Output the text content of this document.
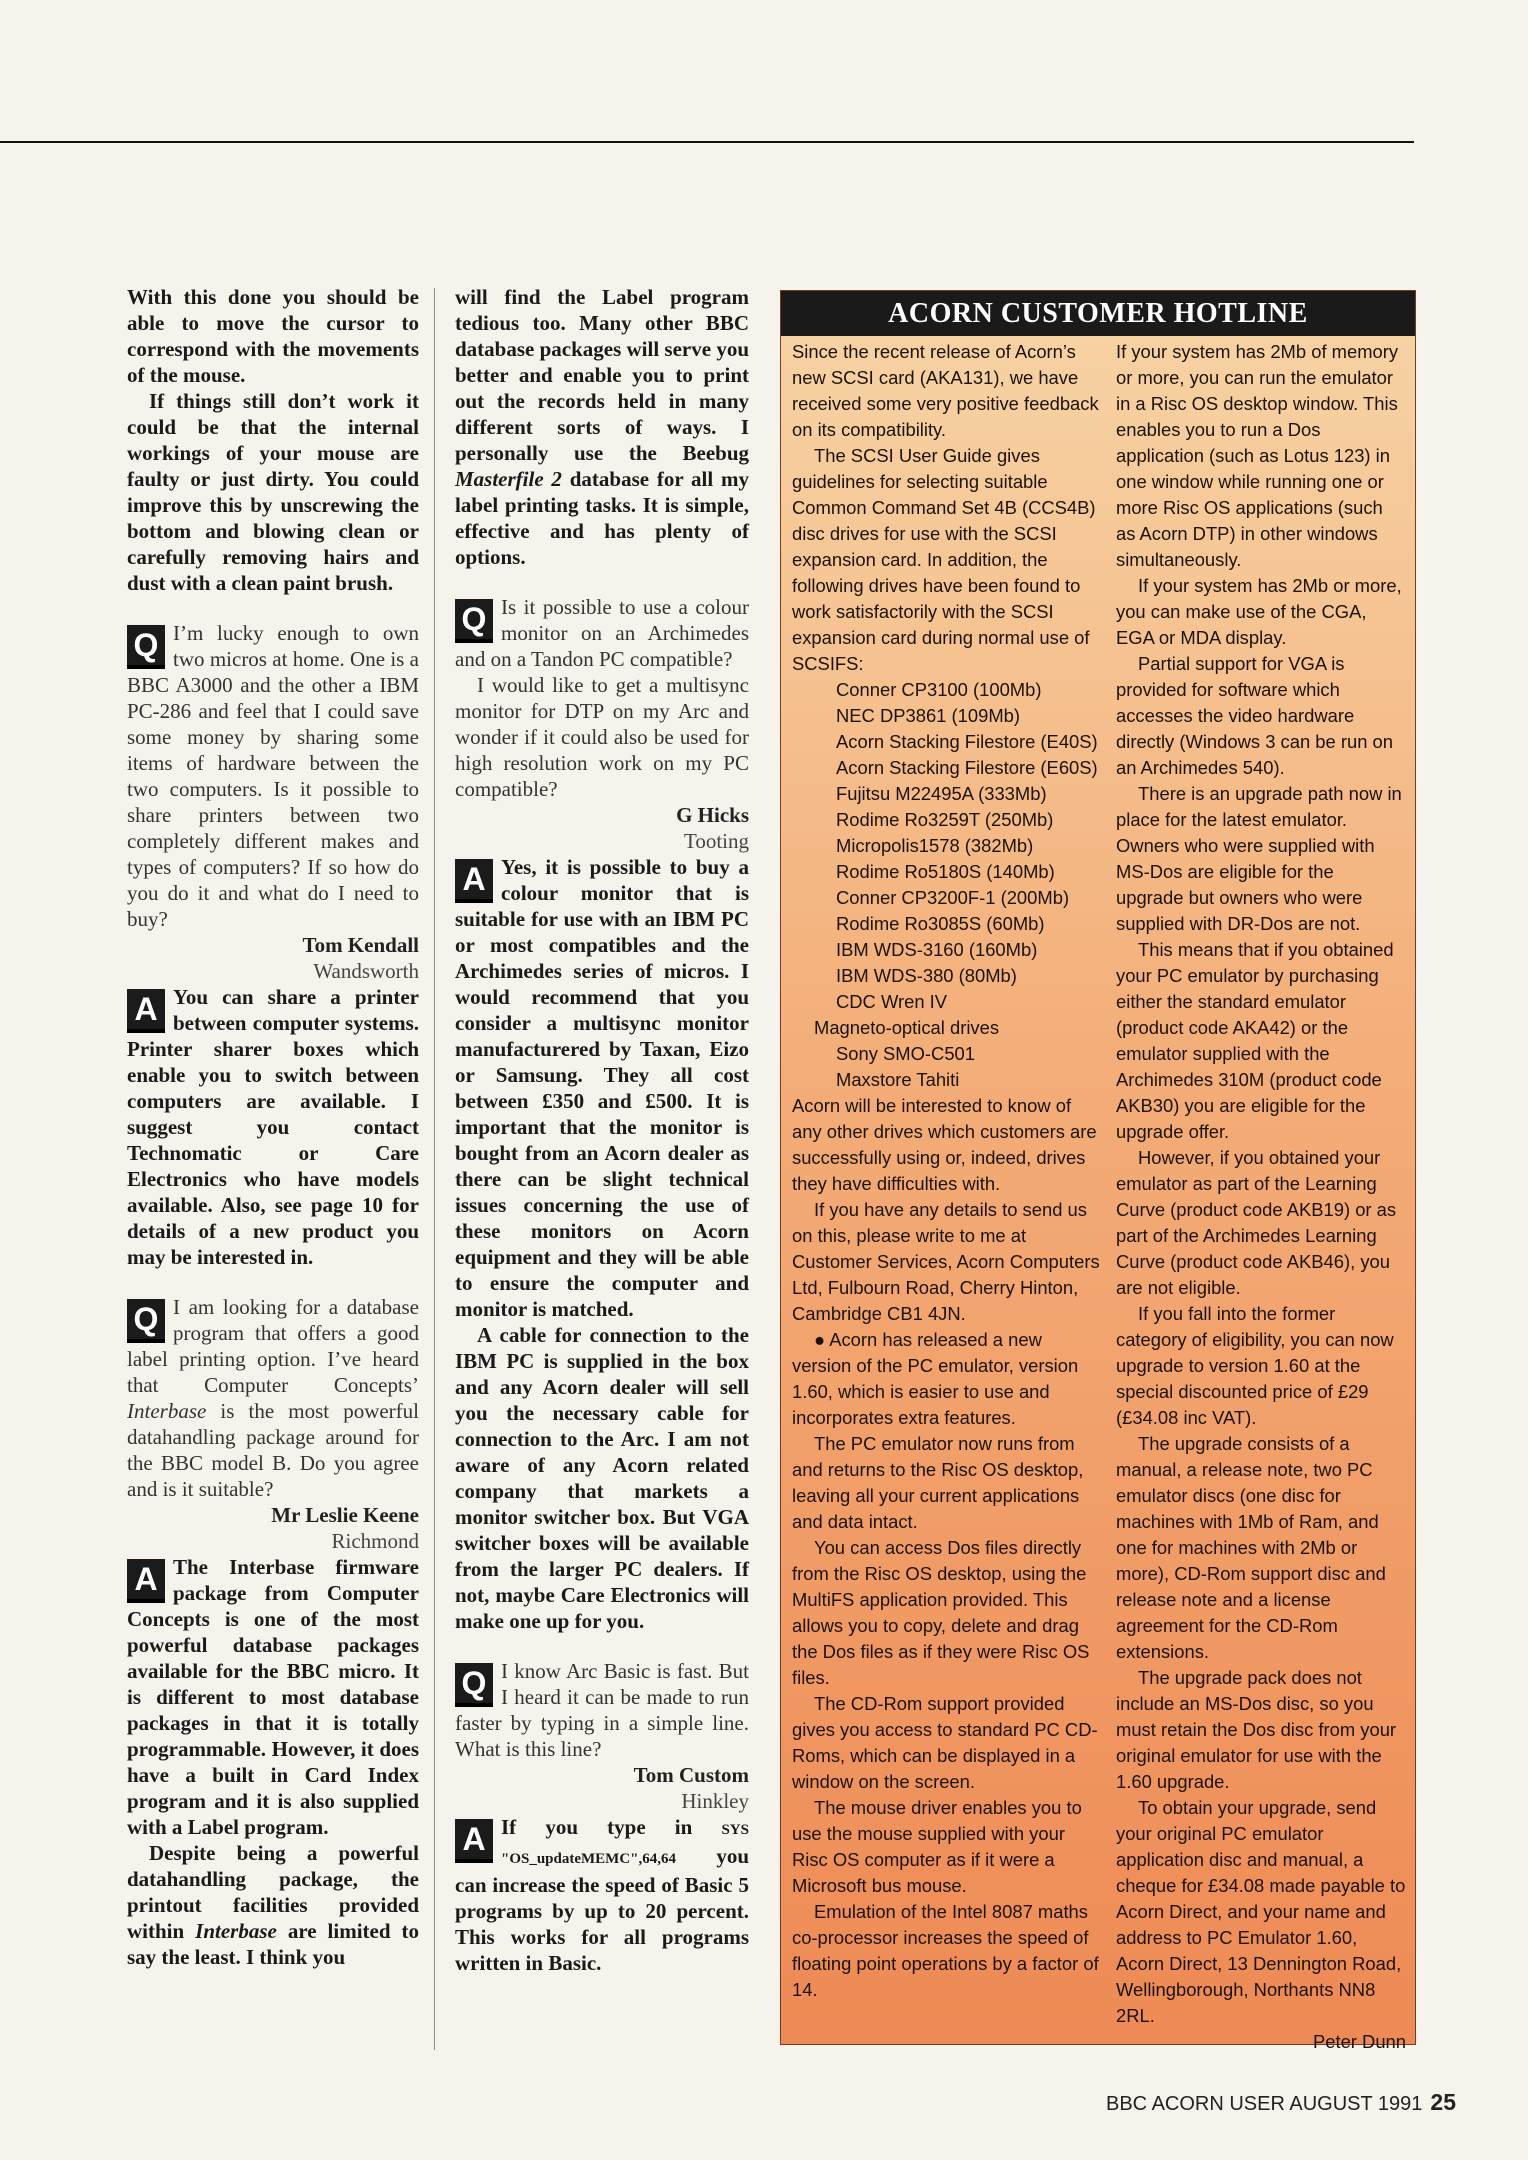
With this done you should be able to move the cursor to correspond with the movements of the mouse.

If things still don’t work it could be that the internal workings of your mouse are faulty or just dirty. You could improve this by unscrewing the bottom and blowing clean or carefully removing hairs and dust with a clean paint brush.

Q I’m lucky enough to own two micros at home. One is a BBC A3000 and the other a IBM PC-286 and feel that I could save some money by sharing some items of hardware between the two computers. Is it possible to share printers between two completely different makes and types of computers? If so how do you do it and what do I need to buy?

Tom Kendall

Wandsworth

A You can share a printer between computer systems. Printer sharer boxes which enable you to switch between computers are available. I suggest you contact Technomatic or Care Electronics who have models available. Also, see page 10 for details of a new product you may be interested in.

Q I am looking for a database program that offers a good label printing option. I’ve heard that Computer Concepts’ Interbase is the most powerful datahandling package around for the BBC model B. Do you agree and is it suitable?

Mr Leslie Keene

Richmond

A The Interbase firmware package from Computer Concepts is one of the most powerful database packages available for the BBC micro. It is different to most database packages in that it is totally programmable. However, it does have a built in Card Index program and it is also supplied with a Label program.

Despite being a powerful datahandling package, the printout facilities provided within Interbase are limited to say the least. I think you

will find the Label program tedious too. Many other BBC database packages will serve you better and enable you to print out the records held in many different sorts of ways. I personally use the Beebug Masterfile 2 database for all my label printing tasks. It is simple, effective and has plenty of options.

Q Is it possible to use a colour monitor on an Archimedes and on a Tandon PC compatible?

I would like to get a multisync monitor for DTP on my Arc and wonder if it could also be used for high resolution work on my PC compatible?

G Hicks

Tooting

A Yes, it is possible to buy a colour monitor that is suitable for use with an IBM PC or most compatibles and the Archimedes series of micros. I would recommend that you consider a multisync monitor manufacturered by Taxan, Eizo or Samsung. They all cost between £350 and £500. It is important that the monitor is bought from an Acorn dealer as there can be slight technical issues concerning the use of these monitors on Acorn equipment and they will be able to ensure the computer and monitor is matched.

A cable for connection to the IBM PC is supplied in the box and any Acorn dealer will sell you the necessary cable for connection to the Arc. I am not aware of any Acorn related company that markets a monitor switcher box. But VGA switcher boxes will be available from the larger PC dealers. If not, maybe Care Electronics will make one up for you.

Q I know Arc Basic is fast. But I heard it can be made to run faster by typing in a simple line. What is this line?

Tom Custom

Hinkley

A If you type in SYS "OS_updateMEMC",64,64 you can increase the speed of Basic 5 programs by up to 20 percent. This works for all programs written in Basic.

ACORN CUSTOMER HOTLINE

Since the recent release of Acorn’s new SCSI card (AKA131), we have received some very positive feedback on its compatibility.

The SCSI User Guide gives guidelines for selecting suitable Common Command Set 4B (CCS4B) disc drives for use with the SCSI expansion card. In addition, the following drives have been found to work satisfactorily with the SCSI expansion card during normal use of SCSIFS:

Conner CP3100 (100Mb)

NEC DP3861 (109Mb)

Acorn Stacking Filestore (E40S)

Acorn Stacking Filestore (E60S)

Fujitsu M22495A (333Mb)

Rodime Ro3259T (250Mb)

Micropolis1578 (382Mb)

Rodime Ro5180S (140Mb)

Conner CP3200F-1 (200Mb)

Rodime Ro3085S (60Mb)

IBM WDS-3160 (160Mb)

IBM WDS-380 (80Mb)

CDC Wren IV

Magneto-optical drives

Sony SMO-C501

Maxstore Tahiti

Acorn will be interested to know of any other drives which customers are successfully using or, indeed, drives they have difficulties with.

If you have any details to send us on this, please write to me at Customer Services, Acorn Computers Ltd, Fulbourn Road, Cherry Hinton, Cambridge CB1 4JN.

● Acorn has released a new version of the PC emulator, version 1.60, which is easier to use and incorporates extra features.

The PC emulator now runs from and returns to the Risc OS desktop, leaving all your current applications and data intact.

You can access Dos files directly from the Risc OS desktop, using the MultiFS application provided. This allows you to copy, delete and drag the Dos files as if they were Risc OS files.

The CD-Rom support provided gives you access to standard PC CD-Roms, which can be displayed in a window on the screen.

The mouse driver enables you to use the mouse supplied with your Risc OS computer as if it were a Microsoft bus mouse.

Emulation of the Intel 8087 maths co-processor increases the speed of floating point operations by a factor of 14.

If your system has 2Mb of memory or more, you can run the emulator in a Risc OS desktop window. This enables you to run a Dos application (such as Lotus 123) in one window while running one or more Risc OS applications (such as Acorn DTP) in other windows simultaneously.

If your system has 2Mb or more, you can make use of the CGA, EGA or MDA display.

Partial support for VGA is provided for software which accesses the video hardware directly (Windows 3 can be run on an Archimedes 540).

There is an upgrade path now in place for the latest emulator. Owners who were supplied with MS-Dos are eligible for the upgrade but owners who were supplied with DR-Dos are not.

This means that if you obtained your PC emulator by purchasing either the standard emulator (product code AKA42) or the emulator supplied with the Archimedes 310M (product code AKB30) you are eligible for the upgrade offer.

However, if you obtained your emulator as part of the Learning Curve (product code AKB19) or as part of the Archimedes Learning Curve (product code AKB46), you are not eligible.

If you fall into the former category of eligibility, you can now upgrade to version 1.60 at the special discounted price of £29 (£34.08 inc VAT).

The upgrade consists of a manual, a release note, two PC emulator discs (one disc for machines with 1Mb of Ram, and one for machines with 2Mb or more), CD-Rom support disc and release note and a license agreement for the CD-Rom extensions.

The upgrade pack does not include an MS-Dos disc, so you must retain the Dos disc from your original emulator for use with the 1.60 upgrade.

To obtain your upgrade, send your original PC emulator application disc and manual, a cheque for £34.08 made payable to Acorn Direct, and your name and address to PC Emulator 1.60, Acorn Direct, 13 Dennington Road, Wellingborough, Northants NN8 2RL.

Peter Dunn

BBC ACORN USER AUGUST 1991 25
